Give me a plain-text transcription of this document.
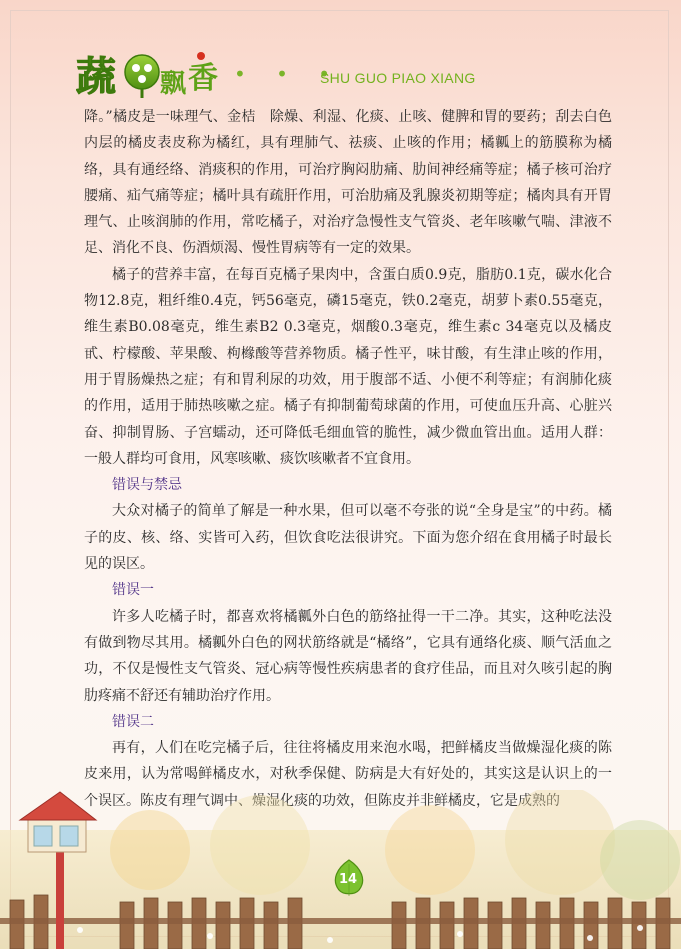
蔬 飘 香 • • •
SHU GUO PIAO XIANG

降。”橘皮是一味理气、金桔　除燥、利湿、化痰、止咳、健脾和胃的要药；刮去白色内层的橘皮表皮称为橘红，具有理肺气、祛痰、止咳的作用；橘瓤上的筋膜称为橘络，具有通经络、消痰积的作用，可治疗胸闷肋痛、肋间神经痛等症；橘子核可治疗腰痛、疝气痛等症；橘叶具有疏肝作用，可治肋痛及乳腺炎初期等症；橘肉具有开胃理气、止咳润肺的作用，常吃橘子，对治疗急慢性支气管炎、老年咳嗽气喘、津液不足、消化不良、伤酒烦渴、慢性胃病等有一定的效果。

橘子的营养丰富，在每百克橘子果肉中，含蛋白质0.9克，脂肪0.1克，碳水化合物12.8克，粗纤维0.4克，钙56毫克，磷15毫克，铁0.2毫克，胡萝卜素0.55毫克，维生素B0.08毫克，维生素B2 0.3毫克，烟酸0.3毫克，维生素c 34毫克以及橘皮甙、柠檬酸、苹果酸、枸橼酸等营养物质。橘子性平，味甘酸，有生津止咳的作用，用于胃肠燥热之症；有和胃利尿的功效，用于腹部不适、小便不利等症；有润肺化痰的作用，适用于肺热咳嗽之症。橘子有抑制葡萄球菌的作用，可使血压升高、心脏兴奋、抑制胃肠、子宫蠕动，还可降低毛细血管的脆性，减少微血管出血。适用人群：一般人群均可食用，风寒咳嗽、痰饮咳嗽者不宜食用。

错误与禁忌

大众对橘子的简单了解是一种水果，但可以毫不夸张的说“全身是宝”的中药。橘子的皮、核、络、实皆可入药，但饮食吃法很讲究。下面为您介绍在食用橘子时最长见的误区。

错误一

许多人吃橘子时，都喜欢将橘瓤外白色的筋络扯得一干二净。其实，这种吃法没有做到物尽其用。橘瓤外白色的网状筋络就是“橘络”，它具有通络化痰、顺气活血之功，不仅是慢性支气管炎、冠心病等慢性疾病患者的食疗佳品，而且对久咳引起的胸肋疼痛不舒还有辅助治疗作用。

错误二

再有，人们在吃完橘子后，往往将橘皮用来泡水喝，把鲜橘皮当做燥湿化痰的陈皮来用，认为常喝鲜橘皮水，对秋季保健、防病是大有好处的，其实这是认识上的一个误区。陈皮有理气调中、燥湿化痰的功效，但陈皮并非鲜橘皮，它是成熟的

14
